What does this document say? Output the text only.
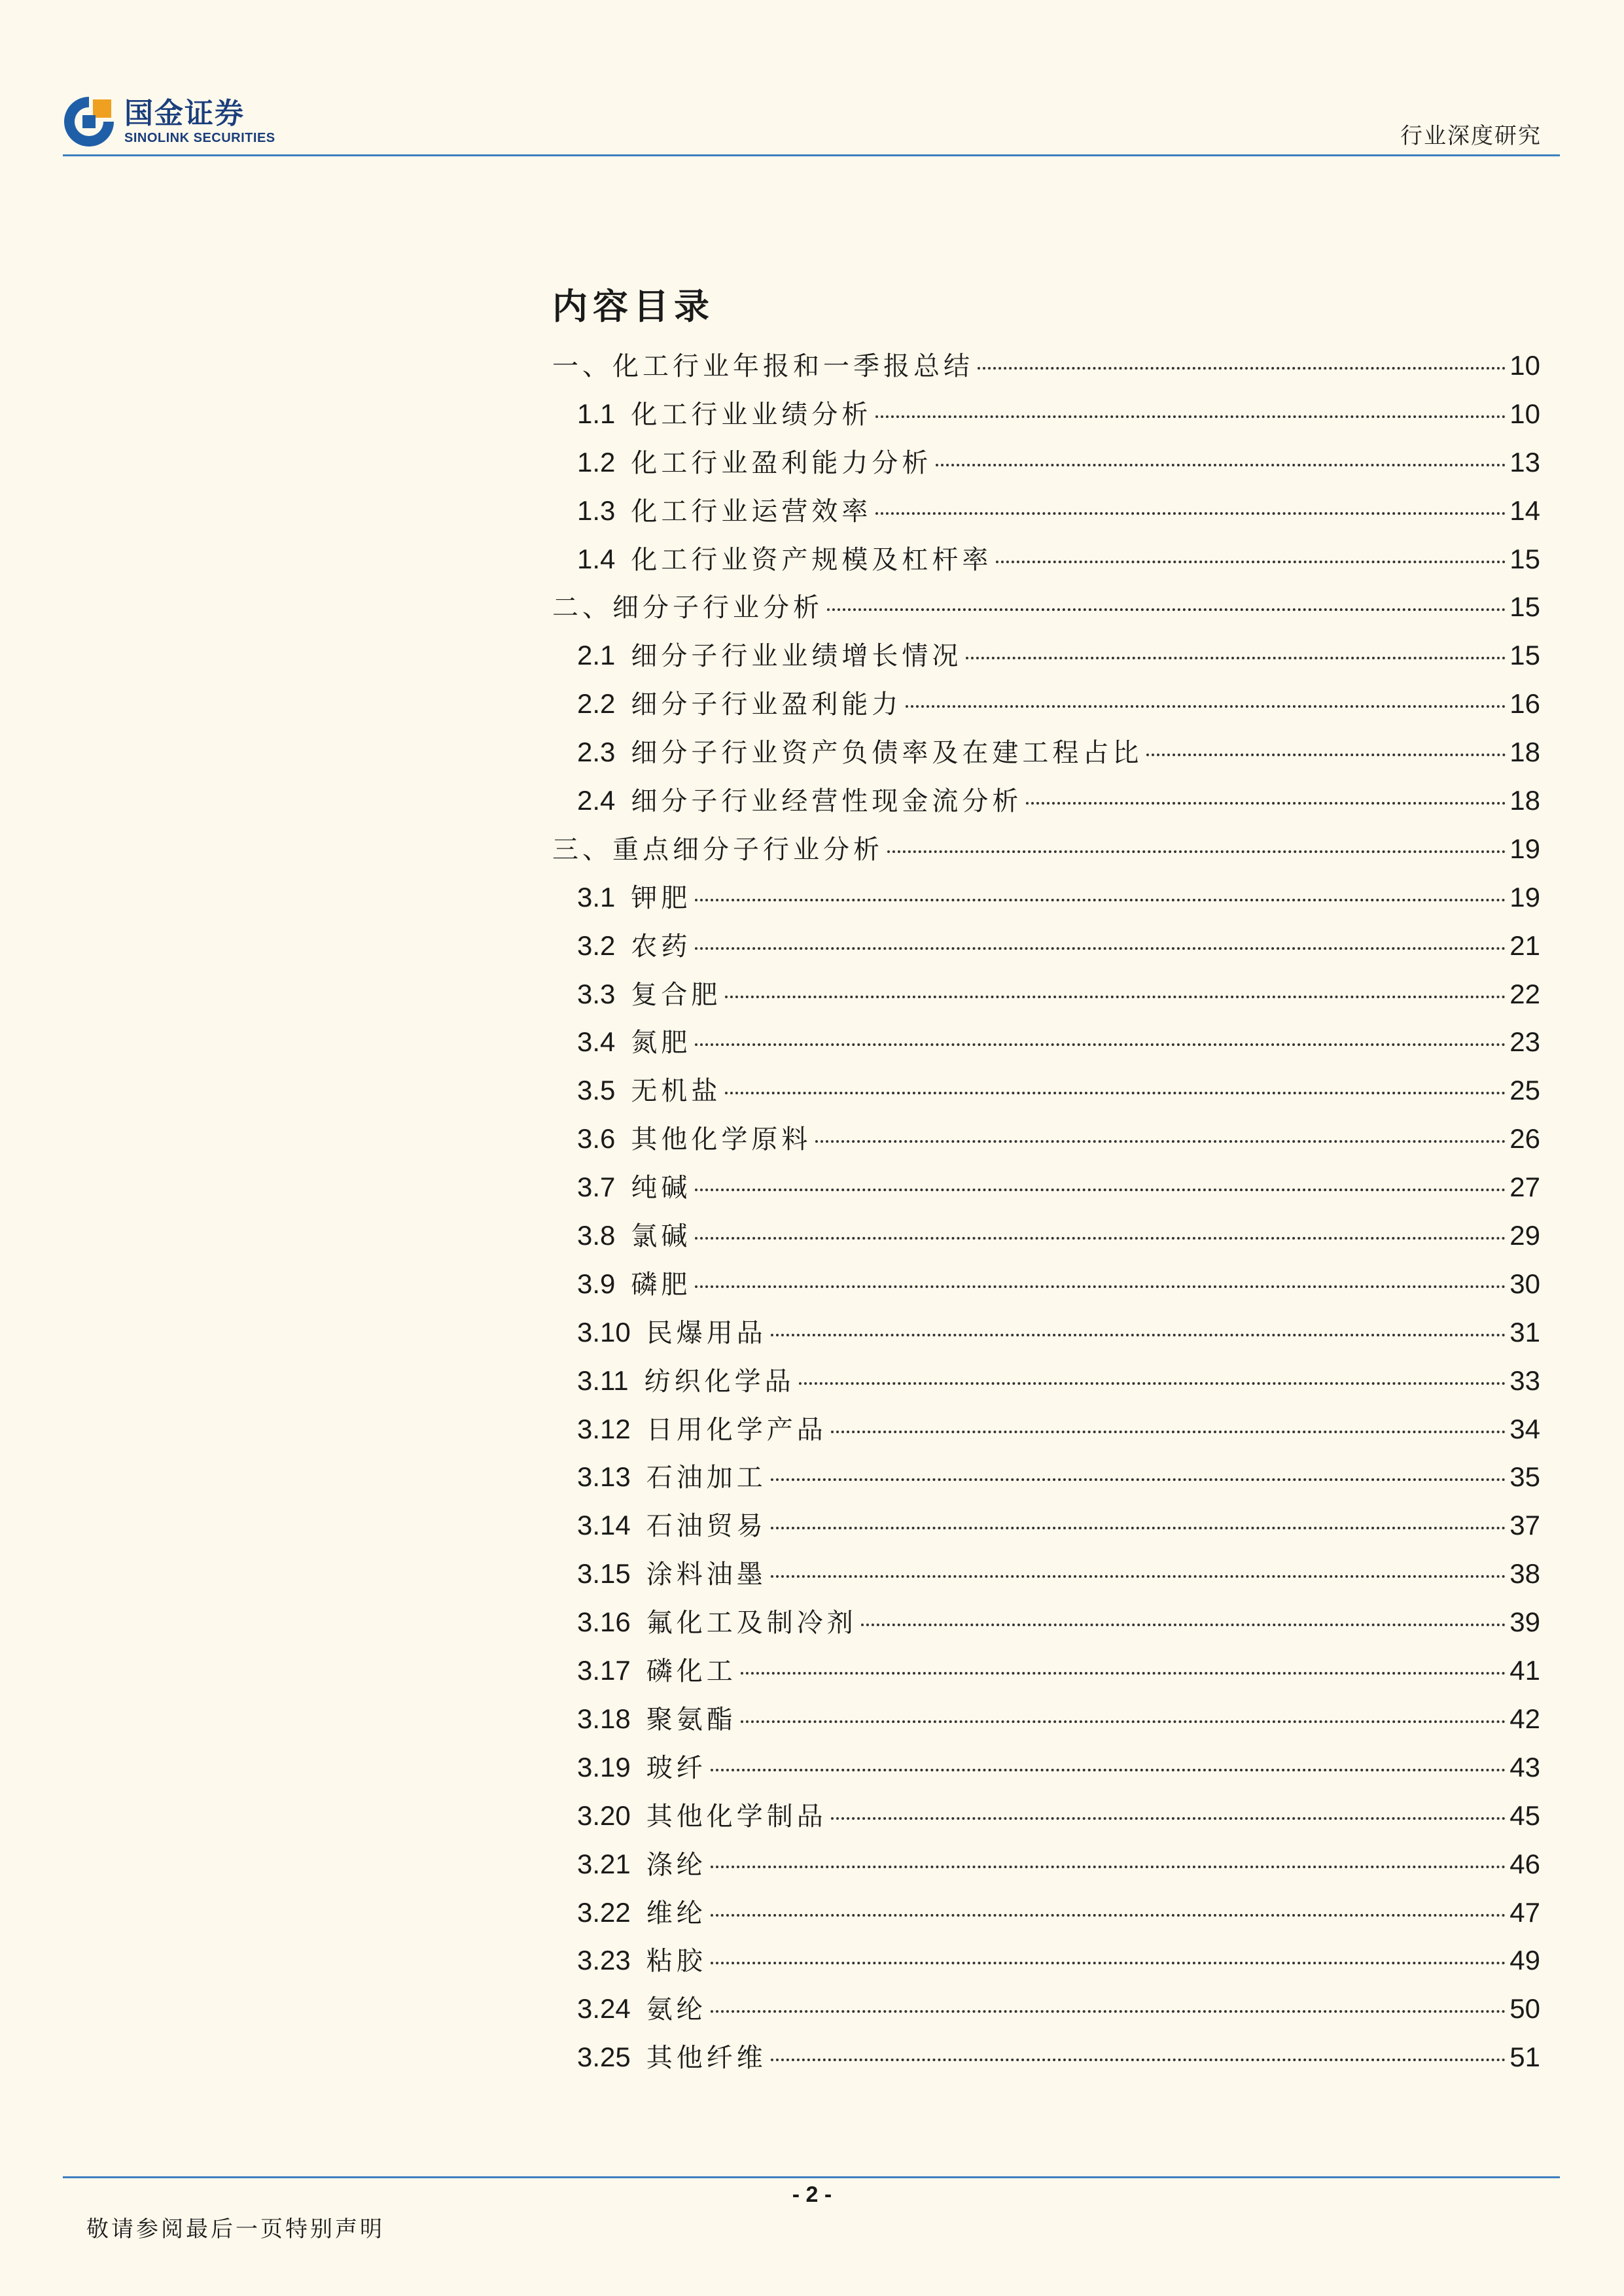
国金证券
SINOLINK SECURITIES	行业深度研究
内容目录
一、化工行业年报和一季报总结	10
1.1 化工行业业绩分析	10
1.2 化工行业盈利能力分析	13
1.3 化工行业运营效率	14
1.4 化工行业资产规模及杠杆率	15
二、细分子行业分析	15
2.1 细分子行业业绩增长情况	15
2.2 细分子行业盈利能力	16
2.3 细分子行业资产负债率及在建工程占比	18
2.4 细分子行业经营性现金流分析	18
三、重点细分子行业分析	19
3.1 钾肥	19
3.2 农药	21
3.3 复合肥	22
3.4 氮肥	23
3.5 无机盐	25
3.6 其他化学原料	26
3.7 纯碱	27
3.8 氯碱	29
3.9 磷肥	30
3.10 民爆用品	31
3.11 纺织化学品	33
3.12 日用化学产品	34
3.13 石油加工	35
3.14 石油贸易	37
3.15 涂料油墨	38
3.16 氟化工及制冷剂	39
3.17 磷化工	41
3.18 聚氨酯	42
3.19 玻纤	43
3.20 其他化学制品	45
3.21 涤纶	46
3.22 维纶	47
3.23 粘胶	49
3.24 氨纶	50
3.25 其他纤维	51
- 2 -
敬请参阅最后一页特别声明
